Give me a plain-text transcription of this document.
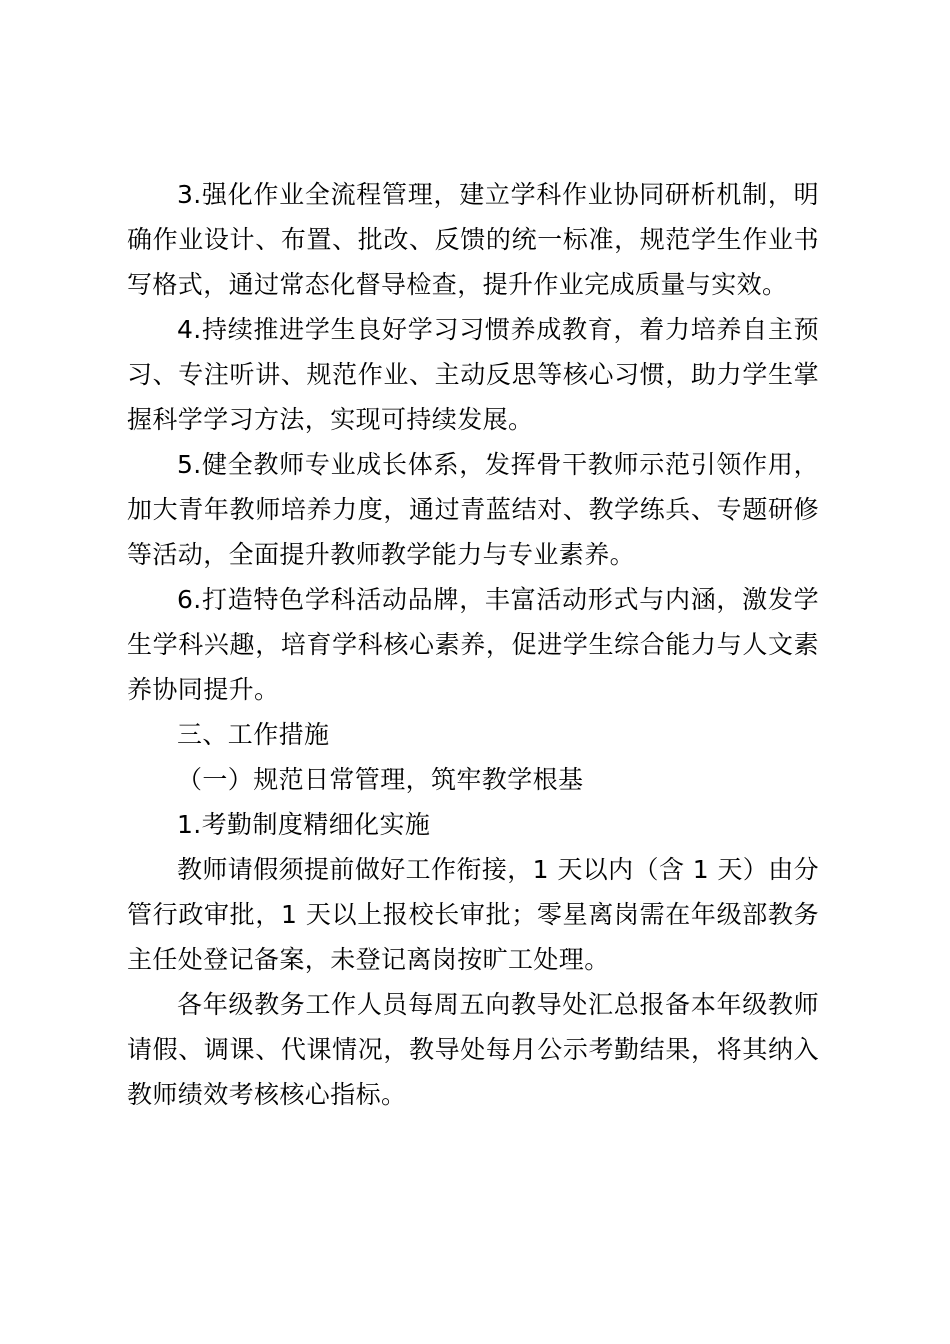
3.强化作业全流程管理，建立学科作业协同研析机制，明确作业设计、布置、批改、反馈的统一标准，规范学生作业书写格式，通过常态化督导检查，提升作业完成质量与实效。

4.持续推进学生良好学习习惯养成教育，着力培养自主预习、专注听讲、规范作业、主动反思等核心习惯，助力学生掌握科学学习方法，实现可持续发展。

5.健全教师专业成长体系，发挥骨干教师示范引领作用，加大青年教师培养力度，通过青蓝结对、教学练兵、专题研修等活动，全面提升教师教学能力与专业素养。

6.打造特色学科活动品牌，丰富活动形式与内涵，激发学生学科兴趣，培育学科核心素养，促进学生综合能力与人文素养协同提升。

三、工作措施

（一）规范日常管理，筑牢教学根基

1.考勤制度精细化实施

教师请假须提前做好工作衔接，1 天以内（含 1 天）由分管行政审批，1 天以上报校长审批；零星离岗需在年级部教务主任处登记备案，未登记离岗按旷工处理。

各年级教务工作人员每周五向教导处汇总报备本年级教师请假、调课、代课情况，教导处每月公示考勤结果，将其纳入教师绩效考核核心指标。
